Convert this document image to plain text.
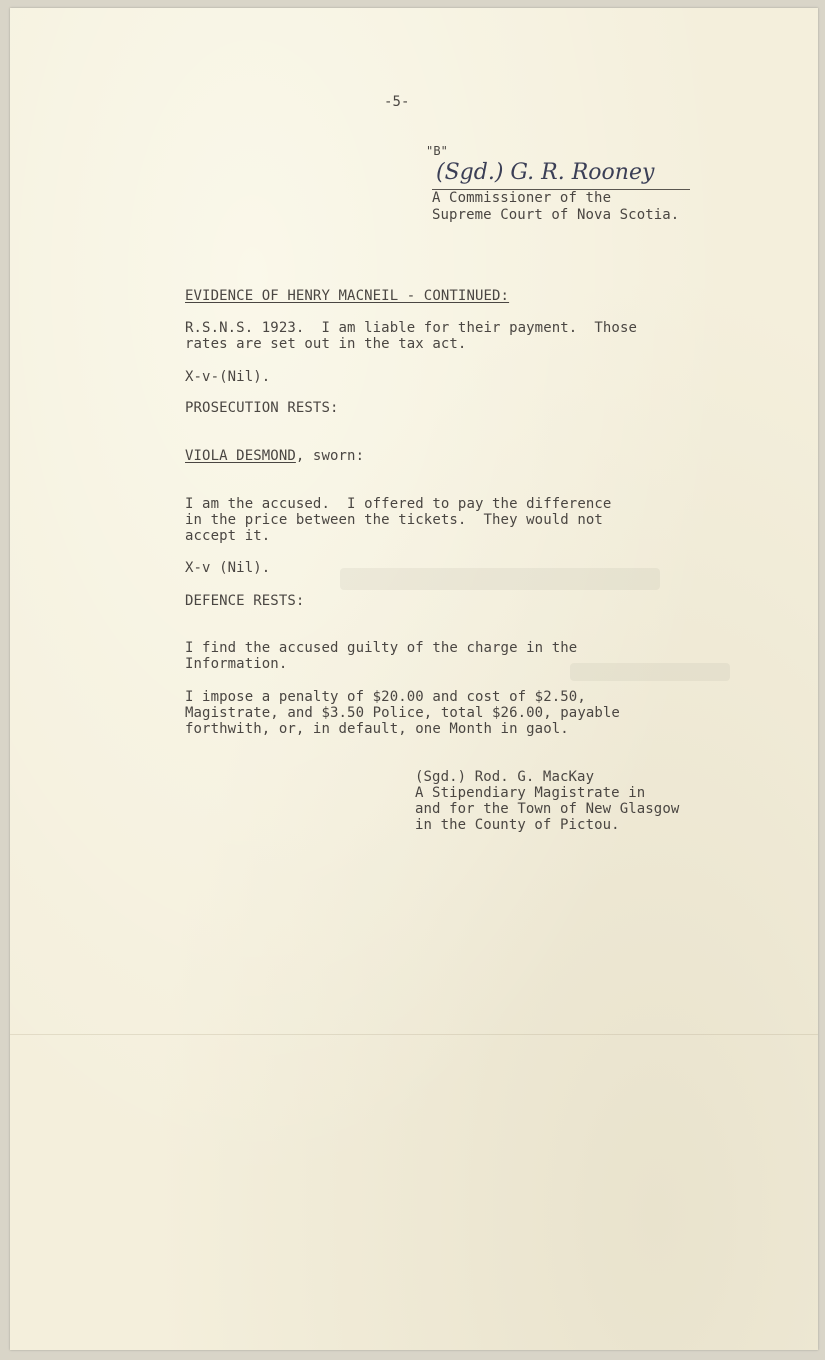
-5-
"B"
(Sgd.) G. R. Rooney
A Commissioner of the
Supreme Court of Nova Scotia.
EVIDENCE OF HENRY MACNEIL - CONTINUED:
R.S.N.S. 1923.  I am liable for their payment.  Those
rates are set out in the tax act.
X-v-(Nil).
PROSECUTION RESTS:
VIOLA DESMOND, sworn:
I am the accused.  I offered to pay the difference
in the price between the tickets.  They would not
accept it.
X-v (Nil).
DEFENCE RESTS:
I find the accused guilty of the charge in the
Information.
I impose a penalty of $20.00 and cost of $2.50,
Magistrate, and $3.50 Police, total $26.00, payable
forthwith, or, in default, one Month in gaol.
(Sgd.) Rod. G. MacKay
A Stipendiary Magistrate in
and for the Town of New Glasgow
in the County of Pictou.
